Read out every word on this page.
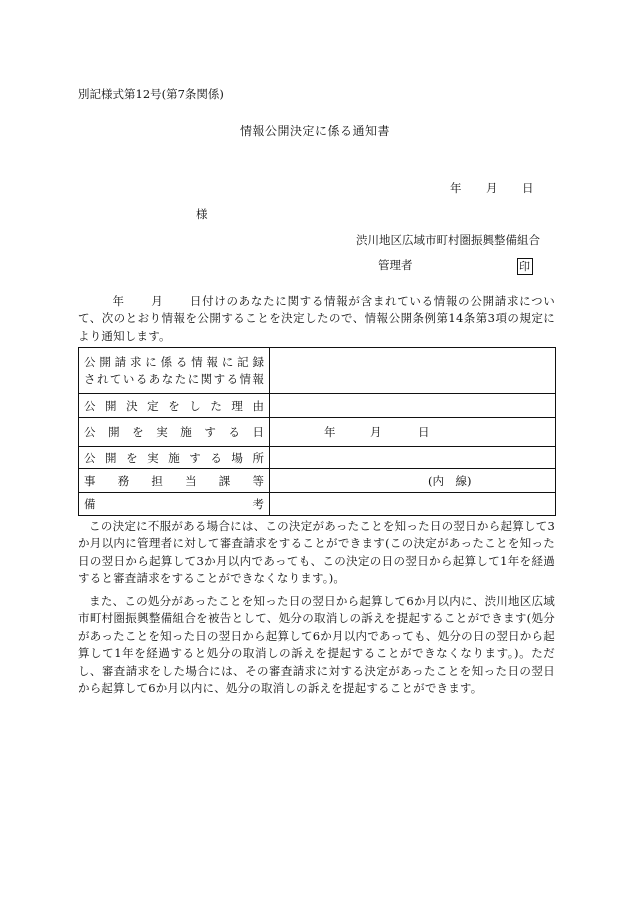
別記様式第12号(第7条関係)
情報公開決定に係る通知書
年 月 日
様
渋川地区広域市町村圏振興整備組合
管理者	印
年 月 日付けのあなたに関する情報が含まれている情報の公開請求について、次のとおり情報を公開することを決定したので、情報公開条例第14条第3項の規定により通知します。
公開請求に係る情報に記録
されているあなたに関する情報	

公開決定をした理由	
公開を実施する日	年 月 日

公開を実施する場所	
事務担当課等	(内　線)

備考	
この決定に不服がある場合には、この決定があったことを知った日の翌日から起算して3か月以内に管理者に対して審査請求をすることができます(この決定があったことを知った日の翌日から起算して3か月以内であっても、この決定の日の翌日から起算して1年を経過すると審査請求をすることができなくなります。)。
また、この処分があったことを知った日の翌日から起算して6か月以内に、渋川地区広域市町村圏振興整備組合を被告として、処分の取消しの訴えを提起することができます(処分があったことを知った日の翌日から起算して6か月以内であっても、処分の日の翌日から起算して1年を経過すると処分の取消しの訴えを提起することができなくなります。)。ただし、審査請求をした場合には、その審査請求に対する決定があったことを知った日の翌日から起算して6か月以内に、処分の取消しの訴えを提起することができます。
